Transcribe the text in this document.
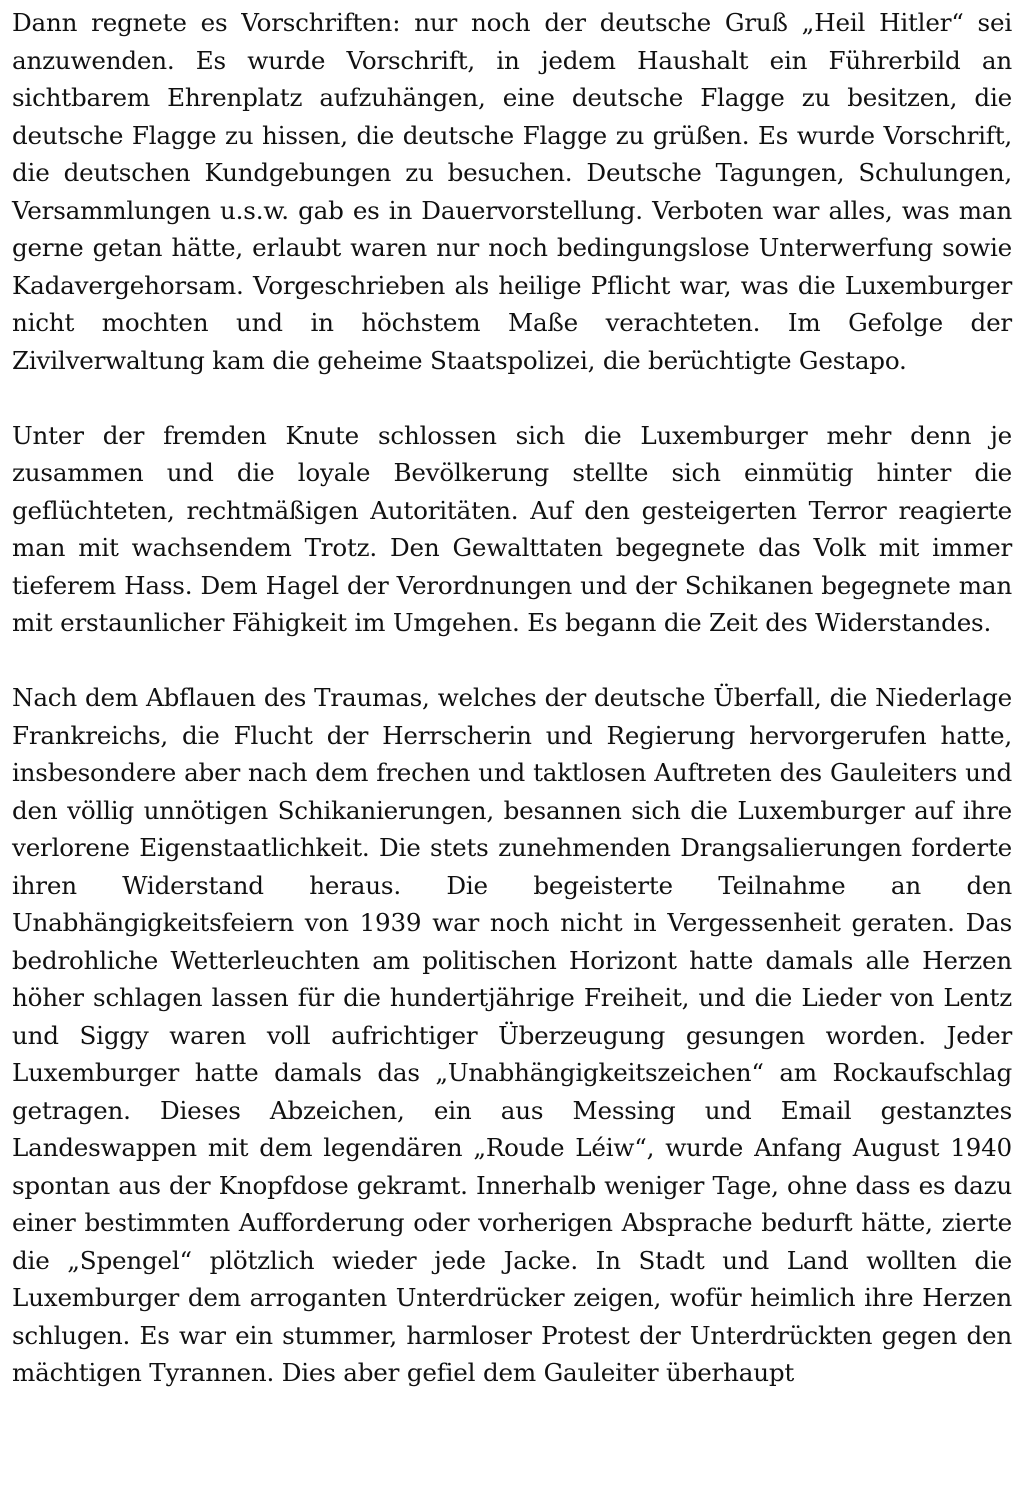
Dann regnete es Vorschriften: nur noch der deutsche Gruß „Heil Hitler“ sei anzuwenden. Es wurde Vorschrift, in jedem Haushalt ein Führerbild an sichtbarem Ehrenplatz aufzuhängen, eine deutsche Flagge zu besitzen, die deutsche Flagge zu hissen, die deutsche Flagge zu grüßen. Es wurde Vorschrift, die deutschen Kundgebungen zu besuchen. Deutsche Tagungen, Schulungen, Versammlungen u.s.w. gab es in Dauervorstellung. Verboten war alles, was man gerne getan hätte, erlaubt waren nur noch bedingungslose Unterwerfung sowie Kadavergehorsam. Vorgeschrieben als heilige Pflicht war, was die Luxemburger nicht mochten und in höchstem Maße verachteten. Im Gefolge der Zivilverwaltung kam die geheime Staatspolizei, die berüchtigte Gestapo.

Unter der fremden Knute schlossen sich die Luxemburger mehr denn je zusammen und die loyale Bevölkerung stellte sich einmütig hinter die geflüchteten, rechtmäßigen Autoritäten. Auf den gesteigerten Terror reagierte man mit wachsendem Trotz. Den Gewalttaten begegnete das Volk mit immer tieferem Hass. Dem Hagel der Verordnungen und der Schikanen begegnete man mit erstaunlicher Fähigkeit im Umgehen. Es begann die Zeit des Widerstandes.

Nach dem Abflauen des Traumas, welches der deutsche Überfall, die Niederlage Frankreichs, die Flucht der Herrscherin und Regierung hervorgerufen hatte, insbesondere aber nach dem frechen und taktlosen Auftreten des Gauleiters und den völlig unnötigen Schikanierungen, besannen sich die Luxemburger auf ihre verlorene Eigenstaatlichkeit. Die stets zunehmenden Drangsalierungen forderte ihren Widerstand heraus. Die begeisterte Teilnahme an den Unabhängigkeitsfeiern von 1939 war noch nicht in Vergessenheit geraten. Das bedrohliche Wetterleuchten am politischen Horizont hatte damals alle Herzen höher schlagen lassen für die hundertjährige Freiheit, und die Lieder von Lentz und Siggy waren voll aufrichtiger Überzeugung gesungen worden. Jeder Luxemburger hatte damals das „Unabhängigkeitszeichen“ am Rockaufschlag getragen. Dieses Abzeichen, ein aus Messing und Email gestanztes Landeswappen mit dem legendären „Roude Léiw“, wurde Anfang August 1940 spontan aus der Knopfdose gekramt. Innerhalb weniger Tage, ohne dass es dazu einer bestimmten Aufforderung oder vorherigen Absprache bedurft hätte, zierte die „Spengel“ plötzlich wieder jede Jacke. In Stadt und Land wollten die Luxemburger dem arroganten Unterdrücker zeigen, wofür heimlich ihre Herzen schlugen. Es war ein stummer, harmloser Protest der Unterdrückten gegen den mächtigen Tyrannen. Dies aber gefiel dem Gauleiter überhaupt
